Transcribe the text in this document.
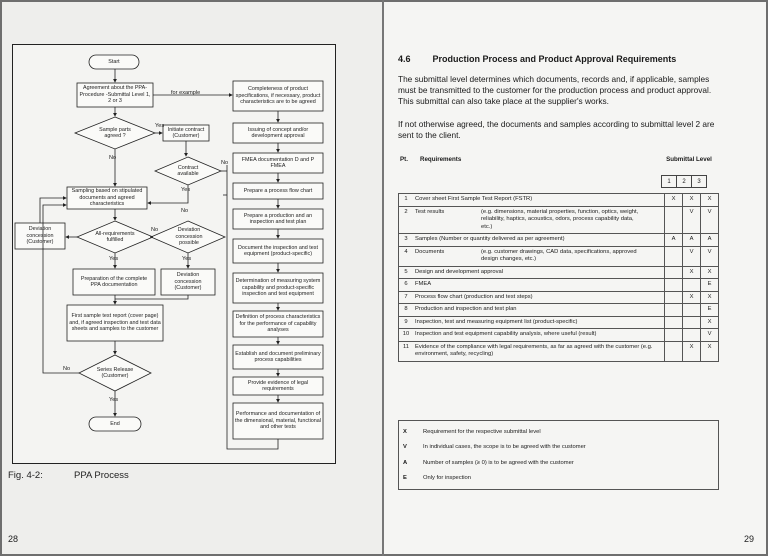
Start
Agreement about the PPA-Procedure -Submittal Level 1, 2 or 3
for example
Sample parts agreed ?
Yes
Initiate contract (Customer)
No
Contract available
No
Yes
No
Sampling based on stipulated documents and agreed characteristics
Deviation concession (Customer)
All-requirements fulfilled
No	Deviation concession possible
Yes	Yes
Preparation of the complete PPA documentation
Deviation concession (Customer)
First sample test report (cover page) and, if agreed inspection and test data sheets and samples to the customer
Series Release (Customer)
No
Yes
End
Completeness of product specifications, if necessary, product characteristics are to be agreed
Issuing of concept and/or development approval
FMEA documentation D and P FMEA
Prepare a process flow chart
Prepare a production and an inspection and test plan
Document the inspection and test equipment (product-specific)
Determination of measuring system capability and product-specific inspection and test equipment
Definition of process characteristics for the performance of capability analyses
Establish and document preliminary process capabilities
Provide evidence of legal requirements
Performance and documentation of the dimensional, material, functional and other tests
Fig. 4-2:	PPA Process
28
4.6 Production Process and Product Approval Requirements

The submittal level determines which documents, records and, if applicable, samples must be transmitted to the customer for the production process and product approval. This submittal can also take place at the supplier's works.

If not otherwise agreed, the documents and samples according to submittal level 2 are sent to the client.

Pt. Requirements	Submittal Level
1	2	3
1	Cover sheet First Sample Test Report (FSTR)	X	X	X
2	Test results (e.g. dimensions, material properties, function, optics, weight, reliability, haptics, acoustics, odors, process capability data, etc.)		V	V
3	Samples (Number or quantity delivered as per agreement)	A	A	A
4	Documents (e.g. customer drawings, CAD data, specifications, approved design changes, etc.)		V	V
5	Design and development approval		X	X
6	FMEA			E
7	Process flow chart (production and test steps)		X	X
8	Production and inspection and test plan			E
9	Inspection, test and measuring equipment list (product-specific)			X
10	Inspection and test equipment capability analysis, where useful (result)			V
11	Evidence of the compliance with legal requirements, as far as agreed with the customer (e.g. environment, safety, recycling)		X	X
X	Requirement for the respective submittal level
V	In individual cases, the scope is to be agreed with the customer
A	Number of samples (≥ 0) is to be agreed with the customer
E	Only for inspection
29
